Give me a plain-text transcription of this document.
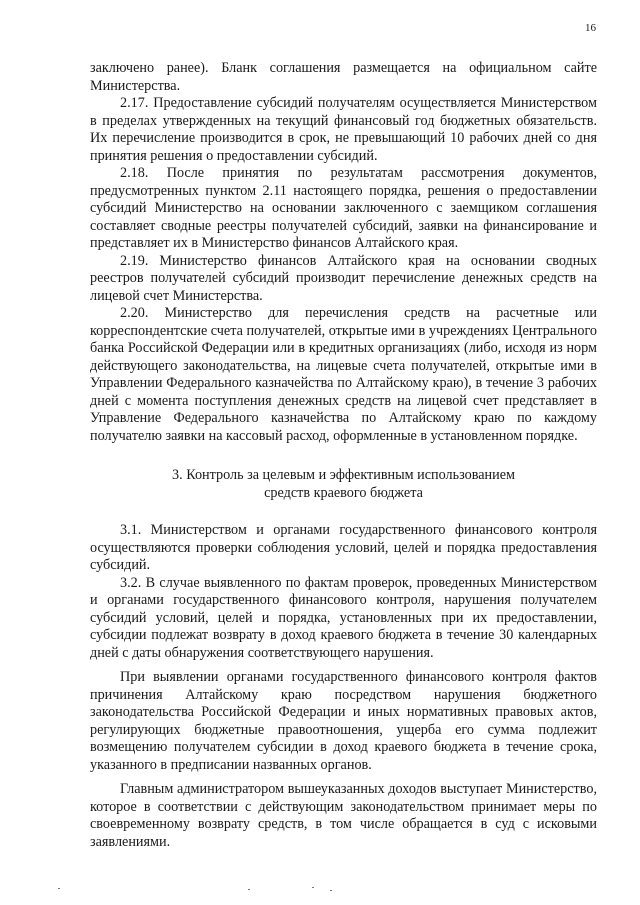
16

заключено ранее). Бланк соглашения размещается на официальном сайте Министерства.

2.17. Предоставление субсидий получателям осуществляется Министерством в пределах утвержденных на текущий финансовый год бюджетных обязательств. Их перечисление производится в срок, не превышающий 10 рабочих дней со дня принятия решения о предоставлении субсидий.

2.18. После принятия по результатам рассмотрения документов, предусмотренных пунктом 2.11 настоящего порядка, решения о предоставлении субсидий Министерство на основании заключенного с заемщиком соглашения составляет сводные реестры получателей субсидий, заявки на финансирование и представляет их в Министерство финансов Алтайского края.

2.19. Министерство финансов Алтайского края на основании сводных реестров получателей субсидий производит перечисление денежных средств на лицевой счет Министерства.

2.20. Министерство для перечисления средств на расчетные или корреспондентские счета получателей, открытые ими в учреждениях Центрального банка Российской Федерации или в кредитных организациях (либо, исходя из норм действующего законодательства, на лицевые счета получателей, открытые ими в Управлении Федерального казначейства по Алтайскому краю), в течение 3 рабочих дней с момента поступления денежных средств на лицевой счет представляет в Управление Федерального казначейства по Алтайскому краю по каждому получателю заявки на кассовый расход, оформленные в установленном порядке.

3. Контроль за целевым и эффективным использованием
средств краевого бюджета

3.1. Министерством и органами государственного финансового контроля осуществляются проверки соблюдения условий, целей и порядка предоставления субсидий.

3.2. В случае выявленного по фактам проверок, проведенных Министерством и органами государственного финансового контроля, нарушения получателем субсидий условий, целей и порядка, установленных при их предоставлении, субсидии подлежат возврату в доход краевого бюджета в течение 30 календарных дней с даты обнаружения соответствующего нарушения.

При выявлении органами государственного финансового контроля фактов причинения Алтайскому краю посредством нарушения бюджетного законодательства Российской Федерации и иных нормативных правовых актов, регулирующих бюджетные правоотношения, ущерба его сумма подлежит возмещению получателем субсидии в доход краевого бюджета в течение срока, указанного в предписании названных органов.

Главным администратором вышеуказанных доходов выступает Министерство, которое в соответствии с действующим законодательством принимает меры по своевременному возврату средств, в том числе обращается в суд с исковыми заявлениями.
